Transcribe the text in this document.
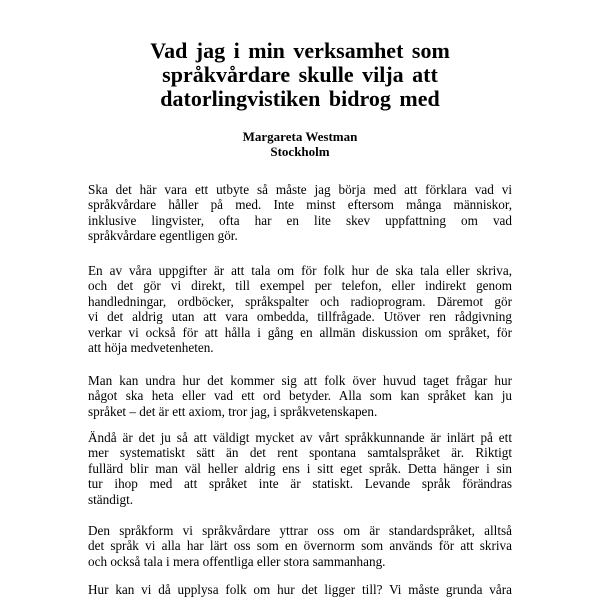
Vad jag i min verksamhet som
språkvårdare skulle vilja att
datorlingvistiken bidrog med
Margareta Westman
Stockholm
Ska det här vara ett utbyte så måste jag börja med att förklara vad vi
språkvårdare håller på med. Inte minst eftersom många människor,
inklusive lingvister, ofta har en lite skev uppfattning om vad
språkvårdare egentligen gör.
En av våra uppgifter är att tala om för folk hur de ska tala eller skriva,
och det gör vi direkt, till exempel per telefon, eller indirekt genom
handledningar, ordböcker, språkspalter och radioprogram. Däremot gör
vi det aldrig utan att vara ombedda, tillfrågade. Utöver ren rådgivning
verkar vi också för att hålla i gång en allmän diskussion om språket, för
att höja medvetenheten.
Man kan undra hur det kommer sig att folk över huvud taget frågar hur
något ska heta eller vad ett ord betyder. Alla som kan språket kan ju
språket – det är ett axiom, tror jag, i språkvetenskapen.
Ändå är det ju så att väldigt mycket av vårt språkkunnande är inlärt på ett
mer systematiskt sätt än det rent spontana samtalspråket är. Riktigt
fullärd blir man väl heller aldrig ens i sitt eget språk. Detta hänger i sin
tur ihop med att språket inte är statiskt. Levande språk förändras
ständigt.
Den språkform vi språkvårdare yttrar oss om är standardspråket, alltså
det språk vi alla har lärt oss som en övernorm som används för att skriva
och också tala i mera offentliga eller stora sammanhang.
Hur kan vi då upplysa folk om hur det ligger till? Vi måste grunda våra
